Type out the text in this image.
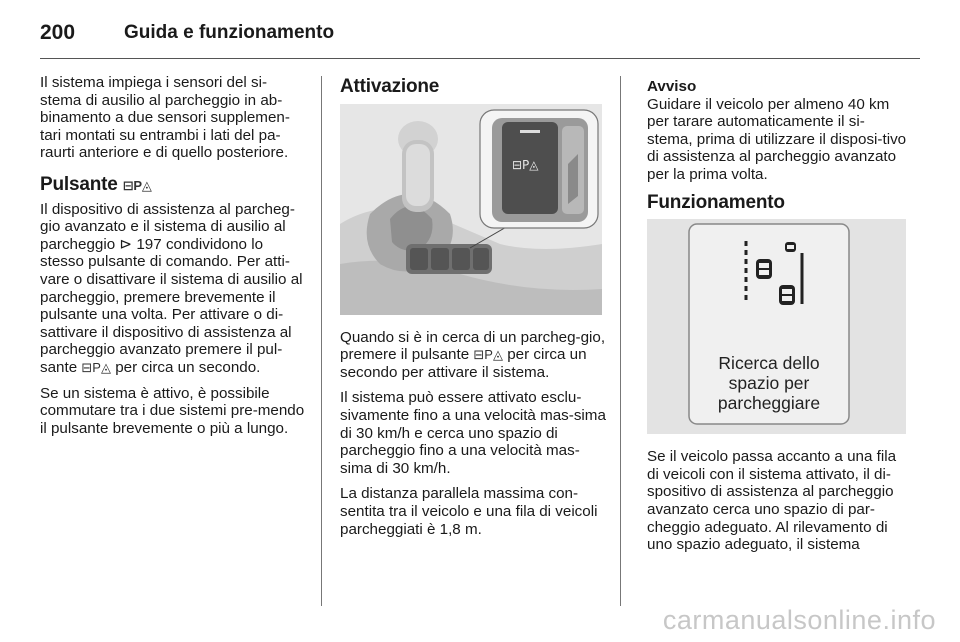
200	Guida e funzionamento

Il sistema impiega i sensori del si-stema di ausilio al parcheggio in ab-binamento a due sensori supplemen-tari montati su entrambi i lati del pa-raurti anteriore e di quello posteriore.

Pulsante ⊟P◬

Il dispositivo di assistenza al parcheg-gio avanzato e il sistema di ausilio al parcheggio ⊳ 197 condividono lo stesso pulsante di comando. Per atti-vare o disattivare il sistema di ausilio al parcheggio, premere brevemente il pulsante una volta. Per attivare o di-sattivare il dispositivo di assistenza al parcheggio avanzato premere il pul-sante ⊟P◬ per circa un secondo.

Se un sistema è attivo, è possibile commutare tra i due sistemi pre-mendo il pulsante brevemente o più a lungo.

Attivazione
⊟P◬

Quando si è in cerca di un parcheg-gio, premere il pulsante ⊟P◬ per circa un secondo per attivare il sistema.

Il sistema può essere attivato esclu-sivamente fino a una velocità mas-sima di 30 km/h e cerca uno spazio di parcheggio fino a una velocità mas-sima di 30 km/h.

La distanza parallela massima con-sentita tra il veicolo e una fila di veicoli parcheggiati è 1,8 m.

Avviso

Guidare il veicolo per almeno 40 km per tarare automaticamente il si-stema, prima di utilizzare il disposi-tivo di assistenza al parcheggio avanzato per la prima volta.

Funzionamento
Ricerca dello
spazio per
parcheggiare

Se il veicolo passa accanto a una fila di veicoli con il sistema attivato, il di-spositivo di assistenza al parcheggio avanzato cerca uno spazio di par-cheggio adeguato. Al rilevamento di uno spazio adeguato, il sistema

carmanualsonline.info
